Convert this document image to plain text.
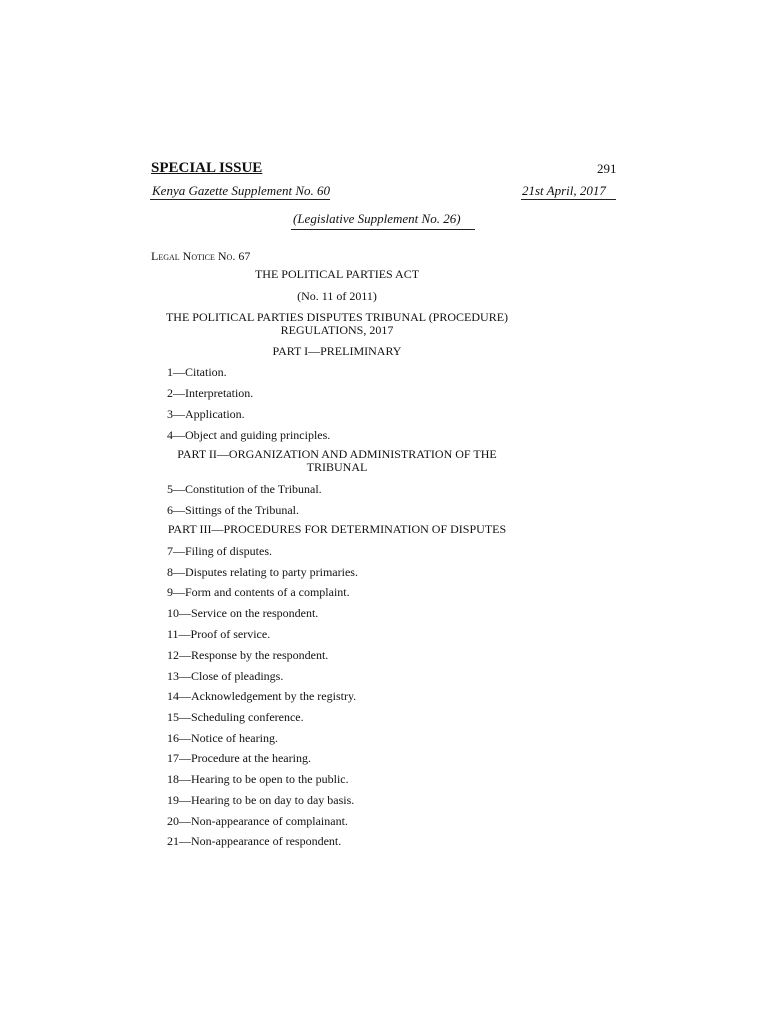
SPECIAL ISSUE	291
Kenya Gazette Supplement No. 60	21st April, 2017
(Legislative Supplement No. 26)
Legal Notice No. 67
THE POLITICAL PARTIES ACT
(No. 11 of 2011)
THE POLITICAL PARTIES DISPUTES TRIBUNAL (PROCEDURE) REGULATIONS, 2017
PART I—PRELIMINARY
1—Citation.
2—Interpretation.
3—Application.
4—Object and guiding principles.
PART II—ORGANIZATION AND ADMINISTRATION OF THE TRIBUNAL
5—Constitution of the Tribunal.
6—Sittings of the Tribunal.
PART III—PROCEDURES FOR DETERMINATION OF DISPUTES
7—Filing of disputes.
8—Disputes relating to party primaries.
9—Form and contents of a complaint.
10—Service on the respondent.
11—Proof of service.
12—Response by the respondent.
13—Close of pleadings.
14—Acknowledgement by the registry.
15—Scheduling conference.
16—Notice of hearing.
17—Procedure at the hearing.
18—Hearing to be open to the public.
19—Hearing to be on day to day basis.
20—Non-appearance of complainant.
21—Non-appearance of respondent.
